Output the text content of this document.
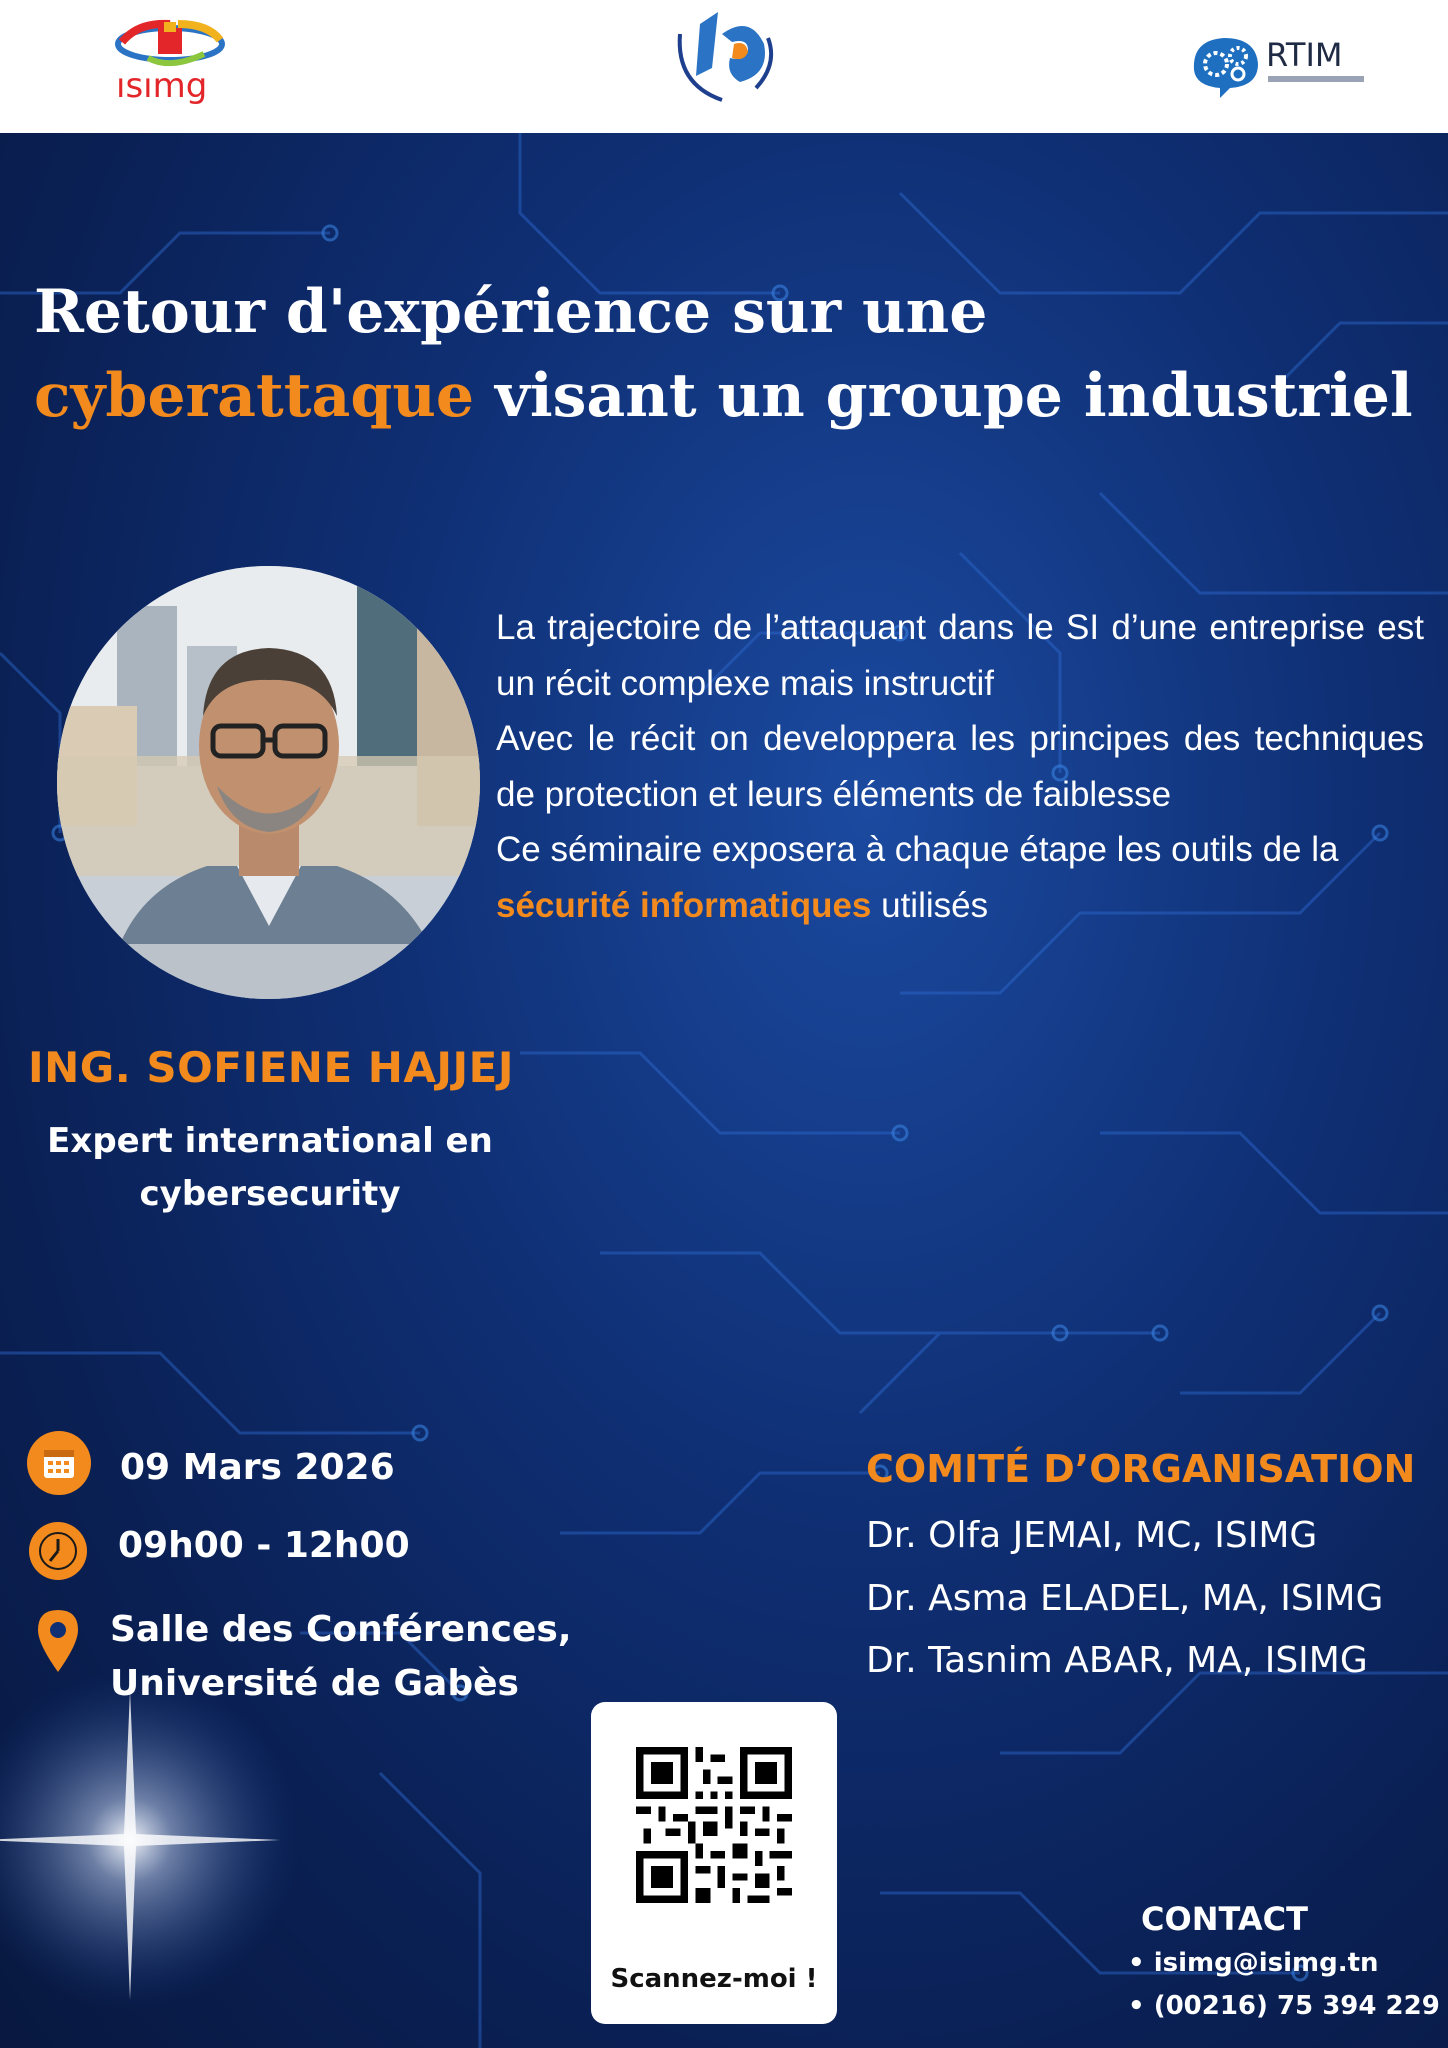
ısımg
RTIM
Retour d'expérience sur une
cyberattaque visant un groupe industriel

La trajectoire de l’attaquant dans le SI d’une entreprise est un récit complexe mais instructif

Avec le récit on developpera les principes des techniques de protection et leurs éléments de faiblesse

Ce séminaire exposera à chaque étape les outils de la sécurité informatiques utilisés

ING. SOFIENE HAJJEJ
Expert international en
cybersecurity
09 Mars 2026
09h00 - 12h00
Salle des Conférences,
Université de Gabès
COMITÉ D’ORGANISATION
Dr. Olfa JEMAI, MC, ISIMG
Dr. Asma ELADEL, MA, ISIMG
Dr. Tasnim ABAR, MA, ISIMG
Scannez-moi !
CONTACT
• isimg@isimg.tn
• (00216) 75 394 229
